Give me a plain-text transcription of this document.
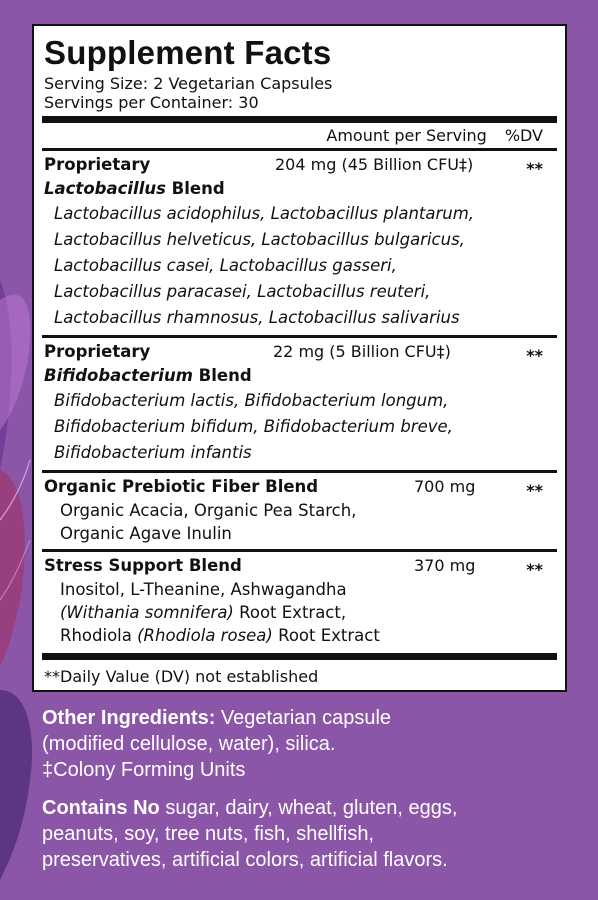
Supplement Facts
Serving Size: 2 Vegetarian Capsules
Servings per Container: 30
Amount per Serving %DV
Proprietary
Lactobacillus Blend
204 mg (45 Billion CFU‡)	**
Lactobacillus acidophilus, Lactobacillus plantarum,
Lactobacillus helveticus, Lactobacillus bulgaricus,
Lactobacillus casei, Lactobacillus gasseri,
Lactobacillus paracasei, Lactobacillus reuteri,
Lactobacillus rhamnosus, Lactobacillus salivarius
Proprietary
Bifidobacterium Blend
22 mg (5 Billion CFU‡)	**
Bifidobacterium lactis, Bifidobacterium longum,
Bifidobacterium bifidum, Bifidobacterium breve,
Bifidobacterium infantis
Organic Prebiotic Fiber Blend	700 mg	**
Organic Acacia, Organic Pea Starch,
Organic Agave Inulin
Stress Support Blend	370 mg	**
Inositol, L-Theanine, Ashwagandha
(Withania somnifera) Root Extract,
Rhodiola (Rhodiola rosea) Root Extract
**Daily Value (DV) not established

Other Ingredients: Vegetarian capsule
(modified cellulose, water), silica.
‡Colony Forming Units

Contains No sugar, dairy, wheat, gluten, eggs,
peanuts, soy, tree nuts, fish, shellfish,
preservatives, artificial colors, artificial flavors.
